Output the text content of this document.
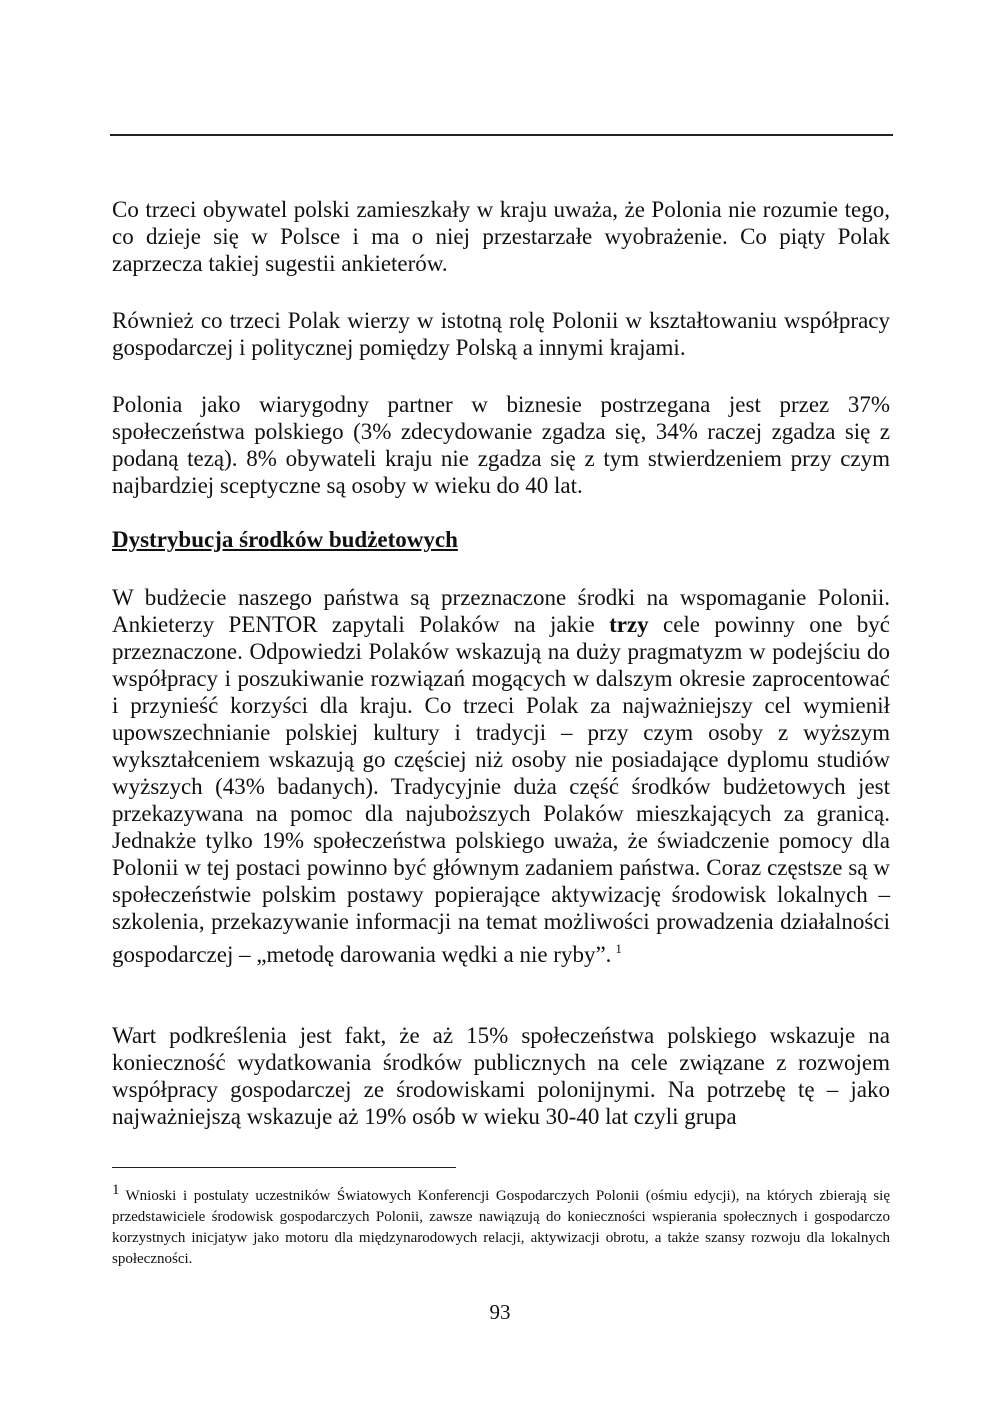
Co trzeci obywatel polski zamieszkały w kraju uważa, że Polonia nie rozumie tego, co dzieje się w Polsce i ma o niej przestarzałe wyobrażenie. Co piąty Polak zaprzecza takiej sugestii ankieterów.

Również co trzeci Polak wierzy w istotną rolę Polonii w kształtowaniu współpracy gospodarczej i politycznej pomiędzy Polską a innymi krajami.

Polonia jako wiarygodny partner w biznesie postrzegana jest przez 37% społeczeństwa polskiego (3% zdecydowanie zgadza się, 34% raczej zgadza się z podaną tezą). 8% obywateli kraju nie zgadza się z tym stwierdzeniem przy czym najbardziej sceptyczne są osoby w wieku do 40 lat.

Dystrybucja środków budżetowych

W budżecie naszego państwa są przeznaczone środki na wspomaganie Polonii. Ankieterzy PENTOR zapytali Polaków na jakie trzy cele powinny one być przeznaczone. Odpowiedzi Polaków wskazują na duży pragmatyzm w podejściu do współpracy i poszukiwanie rozwiązań mogących w dalszym okresie zaprocentować i przynieść korzyści dla kraju. Co trzeci Polak za najważniejszy cel wymienił upowszechnianie polskiej kultury i tradycji – przy czym osoby z wyższym wykształceniem wskazują go częściej niż osoby nie posiadające dyplomu studiów wyższych (43% badanych). Tradycyjnie duża część środków budżetowych jest przekazywana na pomoc dla najuboższych Polaków mieszkających za granicą. Jednakże tylko 19% społeczeństwa polskiego uważa, że świadczenie pomocy dla Polonii w tej postaci powinno być głównym zadaniem państwa. Coraz częstsze są w społeczeństwie polskim postawy popierające aktywizację środowisk lokalnych – szkolenia, przekazywanie informacji na temat możliwości prowadzenia działalności gospodarczej – „metodę darowania wędki a nie ryby”. $^1$

Wart podkreślenia jest fakt, że aż 15% społeczeństwa polskiego wskazuje na konieczność wydatkowania środków publicznych na cele związane z rozwojem współpracy gospodarczej ze środowiskami polonijnymi. Na potrzebę tę – jako najważniejszą wskazuje aż 19% osób w wieku 30-40 lat czyli grupa

1 Wnioski i postulaty uczestników Światowych Konferencji Gospodarczych Polonii (ośmiu edycji), na których zbierają się przedstawiciele środowisk gospodarczych Polonii, zawsze nawiązują do konieczności wspierania społecznych i gospodarczo korzystnych inicjatyw jako motoru dla międzynarodowych relacji, aktywizacji obrotu, a także szansy rozwoju dla lokalnych społeczności.
93
